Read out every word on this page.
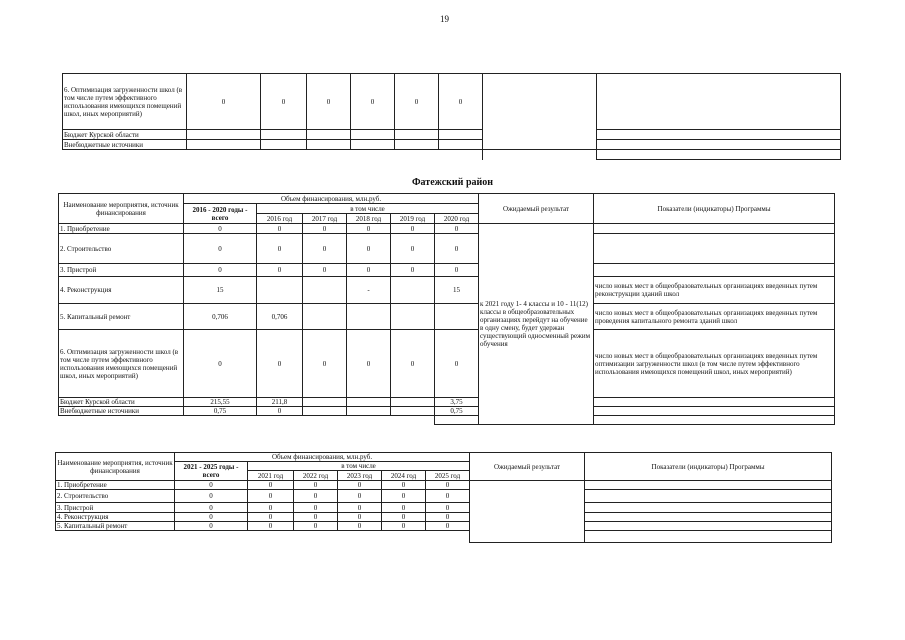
19
6. Оптимизация загруженности школ (в том числе путем эффективного использования имеющихся помещений школ, иных мероприятий)	0	0	0	0	0	0		
Бюджет Курской области								
Внебюджетные источники								

Фатежский район
Наименование мероприятия, источник финансирования	Объем финансирования, млн.руб.						Ожидаемый результат	Показатели (индикаторы) Программы
	2016 - 2020 годы - всего	в том числе						
		2016 год	2017 год	2018 год	2019 год	2020 год		
1. Приобретение	0	0	0	0	0	0	к 2021 году 1- 4 классы и 10 - 11(12) классы в общеобразовательных организациях перейдут на обучение в одну смену, будет удержан существующий односменный режим обучения	
2. Строительство	0	0	0	0	0	0		
3. Пристрой	0	0	0	0	0	0		
4. Реконструкция	15			-		15		число новых мест в общеобразовательных организациях введенных путем реконструкции зданий школ
5. Капитальный ремонт	0,706	0,706						число новых мест в общеобразовательных организациях введенных путем проведения капитального ремонта зданий школ
6. Оптимизация загруженности школ (в том числе путем эффективного использования имеющихся помещений школ, иных мероприятий)	0	0	0	0	0	0		число новых мест в общеобразовательных организациях введенных путем оптимизации загруженности школ (в том числе путем эффективного использования имеющихся помещений школ, иных мероприятий)
Бюджет Курской области	215,55	211,8				3,75		
Внебюджетные источники	0,75	0				0,75		

Наименование мероприятия, источник финансирования	Объем финансирования, млн.руб.						Ожидаемый результат	Показатели (индикаторы) Программы
	2021 - 2025 годы - всего	в том числе						
		2021 год	2022 год	2023 год	2024 год	2025 год		
1. Приобретение	0	0	0	0	0	0		
2. Строительство	0	0	0	0	0	0		
3. Пристрой	0	0	0	0	0	0		
4. Реконструкция	0	0	0	0	0	0		
5. Капитальный ремонт	0	0	0	0	0	0		
